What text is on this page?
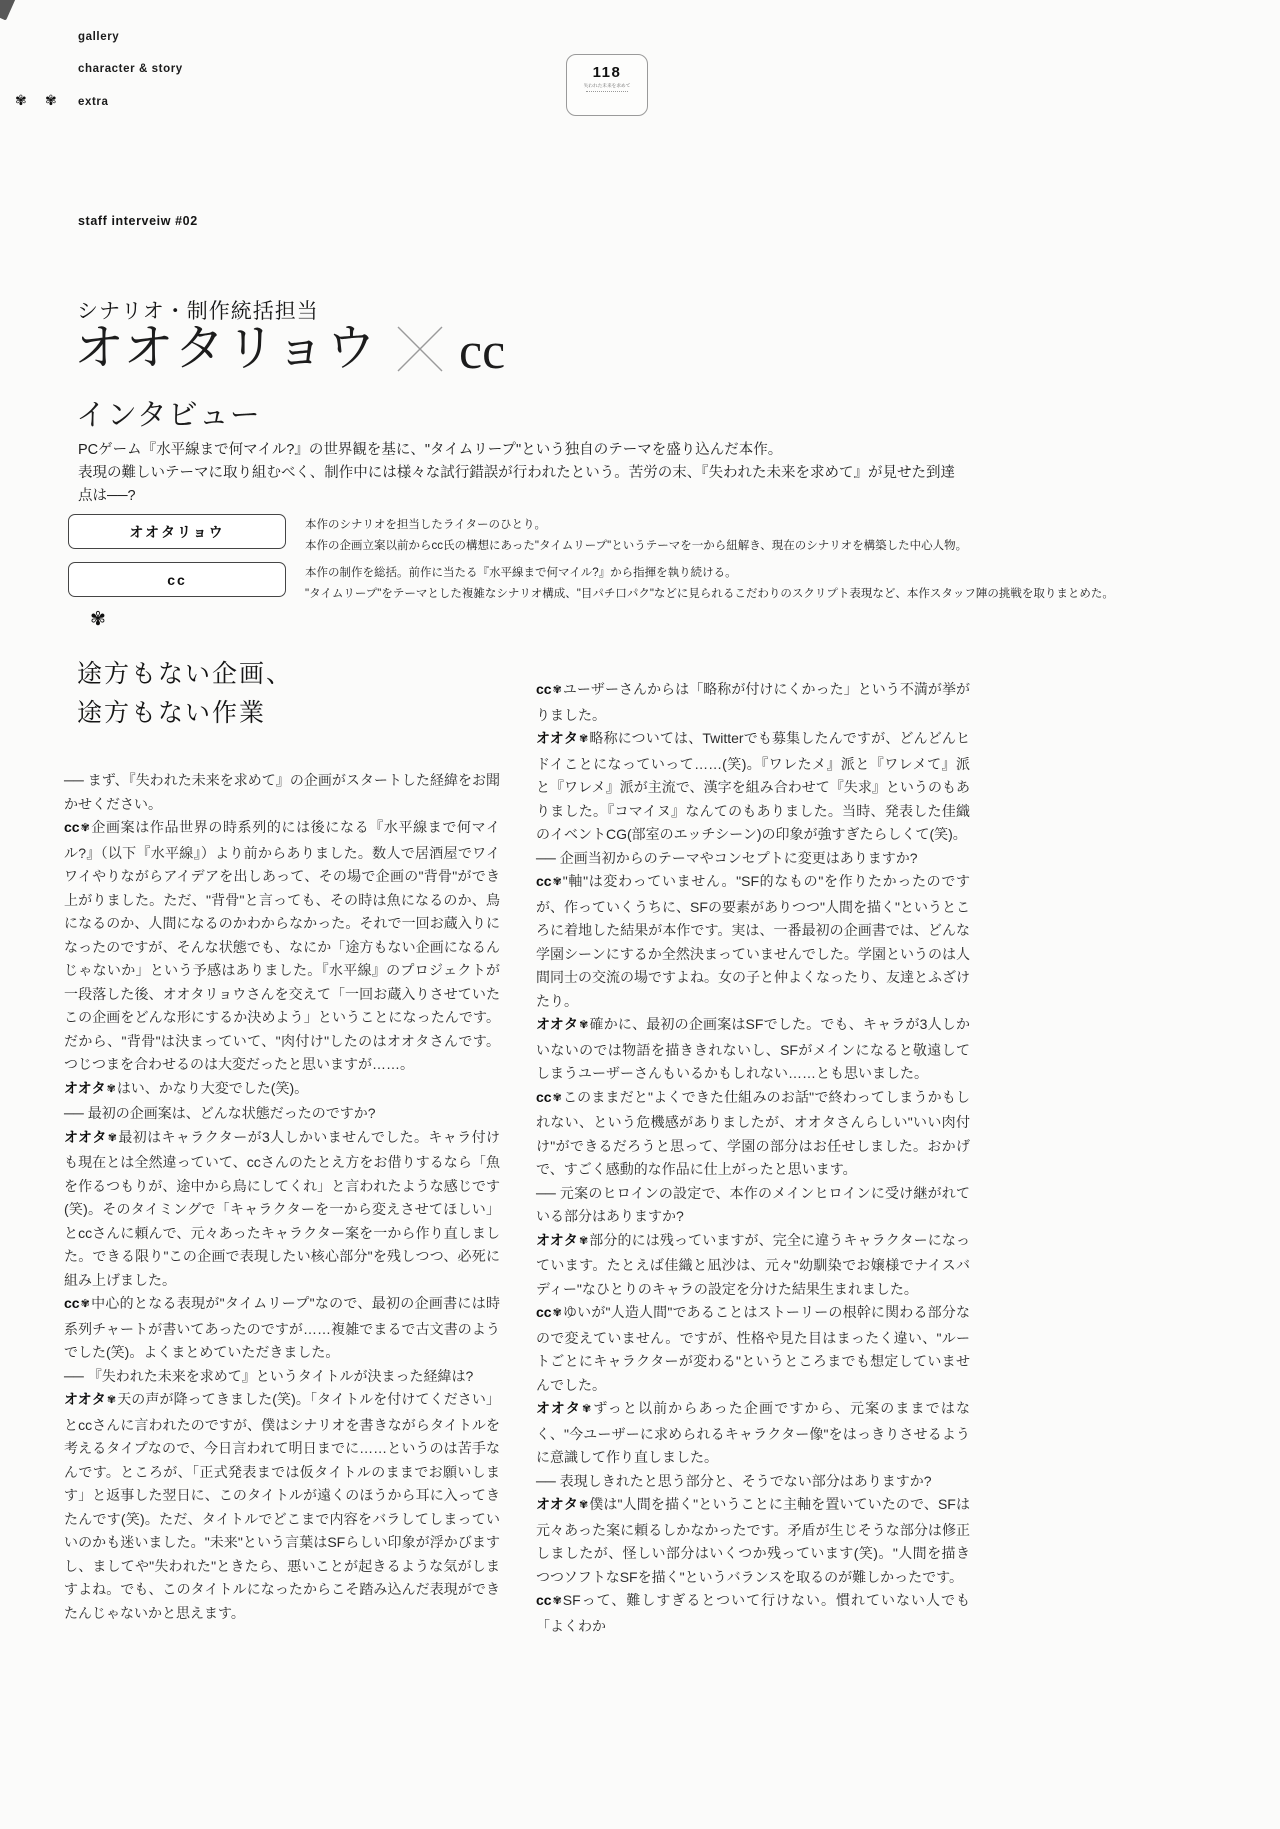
gallery
character & story
extra
✾ ✾
118
失われた未来を求めて
staff interveiw #02
シナリオ・制作統括担当
オオタリョウ cc
インタビュー
PCゲーム『水平線まで何マイル?』の世界観を基に、"タイムリープ"という独自のテーマを盛り込んだ本作。
表現の難しいテーマに取り組むべく、制作中には様々な試行錯誤が行われたという。苦労の末、『失われた未来を求めて』が見せた到達点は──?
オオタリョウ	本作のシナリオを担当したライターのひとり。
本作の企画立案以前からcc氏の構想にあった"タイムリープ"というテーマを一から紐解き、現在のシナリオを構築した中心人物。
cc	本作の制作を総括。前作に当たる『水平線まで何マイル?』から指揮を執り続ける。
"タイムリープ"をテーマとした複雑なシナリオ構成、"目パチ口パク"などに見られるこだわりのスクリプト表現など、本作スタッフ陣の挑戦を取りまとめた。
✾
途方もない企画、
途方もない作業

── まず、『失われた未来を求めて』の企画がスタートした経緯をお聞かせください。

cc✾企画案は作品世界の時系列的には後になる『水平線まで何マイル?』（以下『水平線』）より前からありました。数人で居酒屋でワイワイやりながらアイデアを出しあって、その場で企画の"背骨"ができ上がりました。ただ、"背骨"と言っても、その時は魚になるのか、鳥になるのか、人間になるのかわからなかった。それで一回お蔵入りになったのですが、そんな状態でも、なにか「途方もない企画になるんじゃないか」という予感はありました。『水平線』のプロジェクトが一段落した後、オオタリョウさんを交えて「一回お蔵入りさせていたこの企画をどんな形にするか決めよう」ということになったんです。だから、"背骨"は決まっていて、"肉付け"したのはオオタさんです。つじつまを合わせるのは大変だったと思いますが……。

オオタ✾はい、かなり大変でした(笑)。

── 最初の企画案は、どんな状態だったのですか?

オオタ✾最初はキャラクターが3人しかいませんでした。キャラ付けも現在とは全然違っていて、ccさんのたとえ方をお借りするなら「魚を作るつもりが、途中から鳥にしてくれ」と言われたような感じです(笑)。そのタイミングで「キャラクターを一から変えさせてほしい」とccさんに頼んで、元々あったキャラクター案を一から作り直しました。できる限り"この企画で表現したい核心部分"を残しつつ、必死に組み上げました。

cc✾中心的となる表現が"タイムリープ"なので、最初の企画書には時系列チャートが書いてあったのですが……複雑でまるで古文書のようでした(笑)。よくまとめていただきました。

── 『失われた未来を求めて』というタイトルが決まった経緯は?

オオタ✾天の声が降ってきました(笑)。「タイトルを付けてください」とccさんに言われたのですが、僕はシナリオを書きながらタイトルを考えるタイプなので、今日言われて明日までに……というのは苦手なんです。ところが、「正式発表までは仮タイトルのままでお願いします」と返事した翌日に、このタイトルが遠くのほうから耳に入ってきたんです(笑)。ただ、タイトルでどこまで内容をバラしてしまっていいのかも迷いました。"未来"という言葉はSFらしい印象が浮かびますし、ましてや"失われた"ときたら、悪いことが起きるような気がしますよね。でも、このタイトルになったからこそ踏み込んだ表現ができたんじゃないかと思えます。

cc✾ユーザーさんからは「略称が付けにくかった」という不満が挙がりました。

オオタ✾略称については、Twitterでも募集したんですが、どんどんヒドイことになっていって……(笑)。『ワレたメ』派と『ワレメて』派と『ワレメ』派が主流で、漢字を組み合わせて『失求』というのもありました。『コマイヌ』なんてのもありました。当時、発表した佳織のイベントCG(部室のエッチシーン)の印象が強すぎたらしくて(笑)。

── 企画当初からのテーマやコンセプトに変更はありますか?

cc✾"軸"は変わっていません。"SF的なもの"を作りたかったのですが、作っていくうちに、SFの要素がありつつ"人間を描く"というところに着地した結果が本作です。実は、一番最初の企画書では、どんな学園シーンにするか全然決まっていませんでした。学園というのは人間同士の交流の場ですよね。女の子と仲よくなったり、友達とふざけたり。

オオタ✾確かに、最初の企画案はSFでした。でも、キャラが3人しかいないのでは物語を描ききれないし、SFがメインになると敬遠してしまうユーザーさんもいるかもしれない……とも思いました。

cc✾このままだと"よくできた仕組みのお話"で終わってしまうかもしれない、という危機感がありましたが、オオタさんらしい"いい肉付け"ができるだろうと思って、学園の部分はお任せしました。おかげで、すごく感動的な作品に仕上がったと思います。

── 元案のヒロインの設定で、本作のメインヒロインに受け継がれている部分はありますか?

オオタ✾部分的には残っていますが、完全に違うキャラクターになっています。たとえば佳織と凪沙は、元々"幼馴染でお嬢様でナイスバディー"なひとりのキャラの設定を分けた結果生まれました。

cc✾ゆいが"人造人間"であることはストーリーの根幹に関わる部分なので変えていません。ですが、性格や見た目はまったく違い、"ルートごとにキャラクターが変わる"というところまでも想定していませんでした。

オオタ✾ずっと以前からあった企画ですから、元案のままではなく、"今ユーザーに求められるキャラクター像"をはっきりさせるように意識して作り直しました。

── 表現しきれたと思う部分と、そうでない部分はありますか?

オオタ✾僕は"人間を描く"ということに主軸を置いていたので、SFは元々あった案に頼るしかなかったです。矛盾が生じそうな部分は修正しましたが、怪しい部分はいくつか残っています(笑)。"人間を描きつつソフトなSFを描く"というバランスを取るのが難しかったです。

cc✾SFって、難しすぎるとついて行けない。慣れていない人でも「よくわか
